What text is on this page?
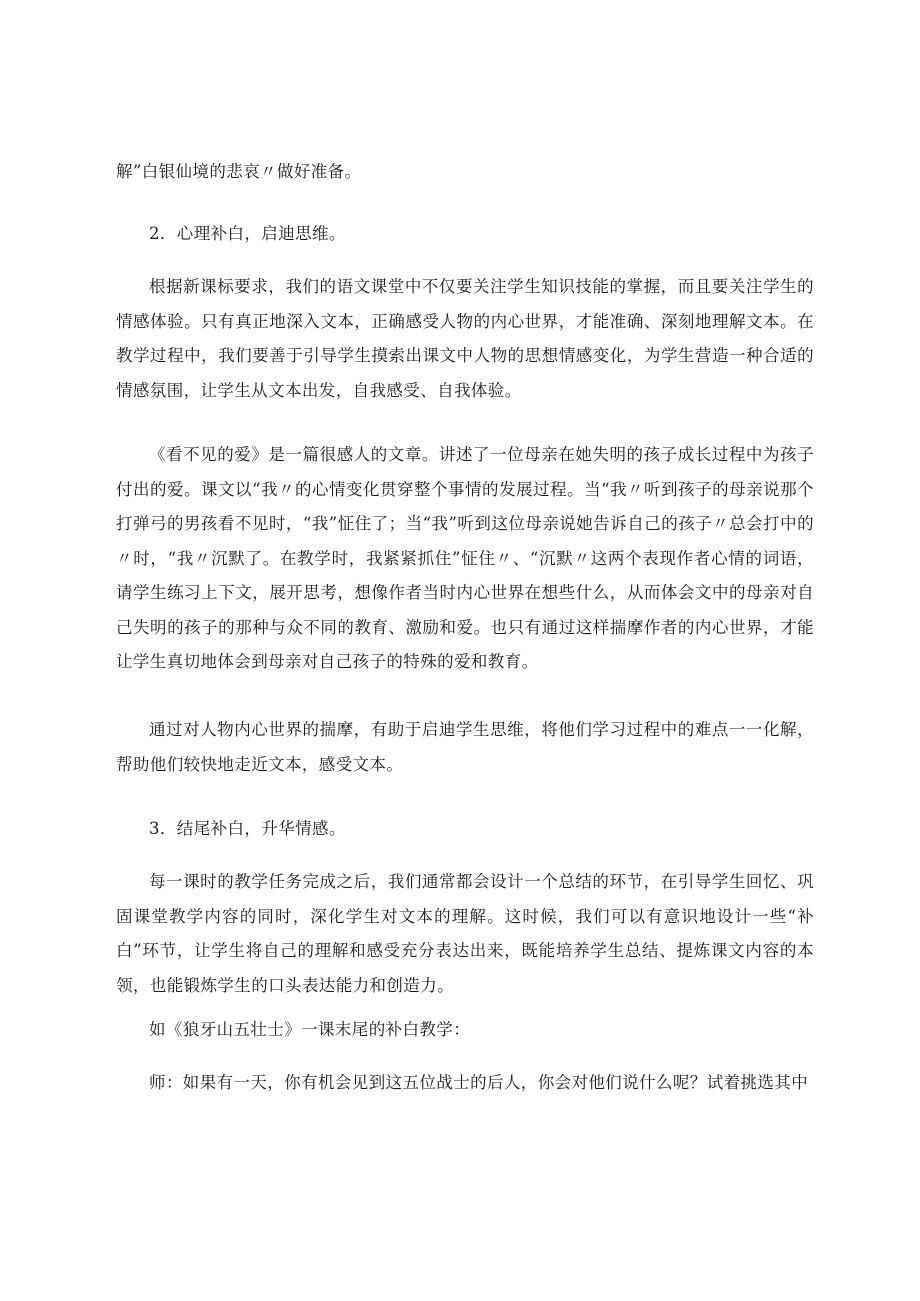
解”白银仙境的悲哀〃做好准备。

2．心理补白，启迪思维。

根据新课标要求，我们的语文课堂中不仅要关注学生知识技能的掌握，而且要关注学生的情感体验。只有真正地深入文本，正确感受人物的内心世界，才能准确、深刻地理解文本。在教学过程中，我们要善于引导学生摸索出课文中人物的思想情感变化，为学生营造一种合适的情感氛围，让学生从文本出发，自我感受、自我体验。

《看不见的爱》是一篇很感人的文章。讲述了一位母亲在她失明的孩子成长过程中为孩子付出的爱。课文以“我〃的心情变化贯穿整个事情的发展过程。当“我〃听到孩子的母亲说那个打弹弓的男孩看不见时，“我”怔住了；当“我”听到这位母亲说她告诉自己的孩子〃总会打中的〃时，“我〃沉默了。在教学时，我紧紧抓住”怔住〃、“沉默〃这两个表现作者心情的词语，请学生练习上下文，展开思考，想像作者当时内心世界在想些什么，从而体会文中的母亲对自己失明的孩子的那种与众不同的教育、激励和爱。也只有通过这样揣摩作者的内心世界，才能让学生真切地体会到母亲对自己孩子的特殊的爱和教育。

通过对人物内心世界的揣摩，有助于启迪学生思维，将他们学习过程中的难点一一化解，帮助他们较快地走近文本，感受文本。

3．结尾补白，升华情感。

每一课时的教学任务完成之后，我们通常都会设计一个总结的环节，在引导学生回忆、巩固课堂教学内容的同时，深化学生对文本的理解。这时候，我们可以有意识地设计一些“补白”环节，让学生将自己的理解和感受充分表达出来，既能培养学生总结、提炼课文内容的本领，也能锻炼学生的口头表达能力和创造力。

如《狼牙山五壮士》一课末尾的补白教学：

师：如果有一天，你有机会见到这五位战士的后人，你会对他们说什么呢？试着挑选其中
